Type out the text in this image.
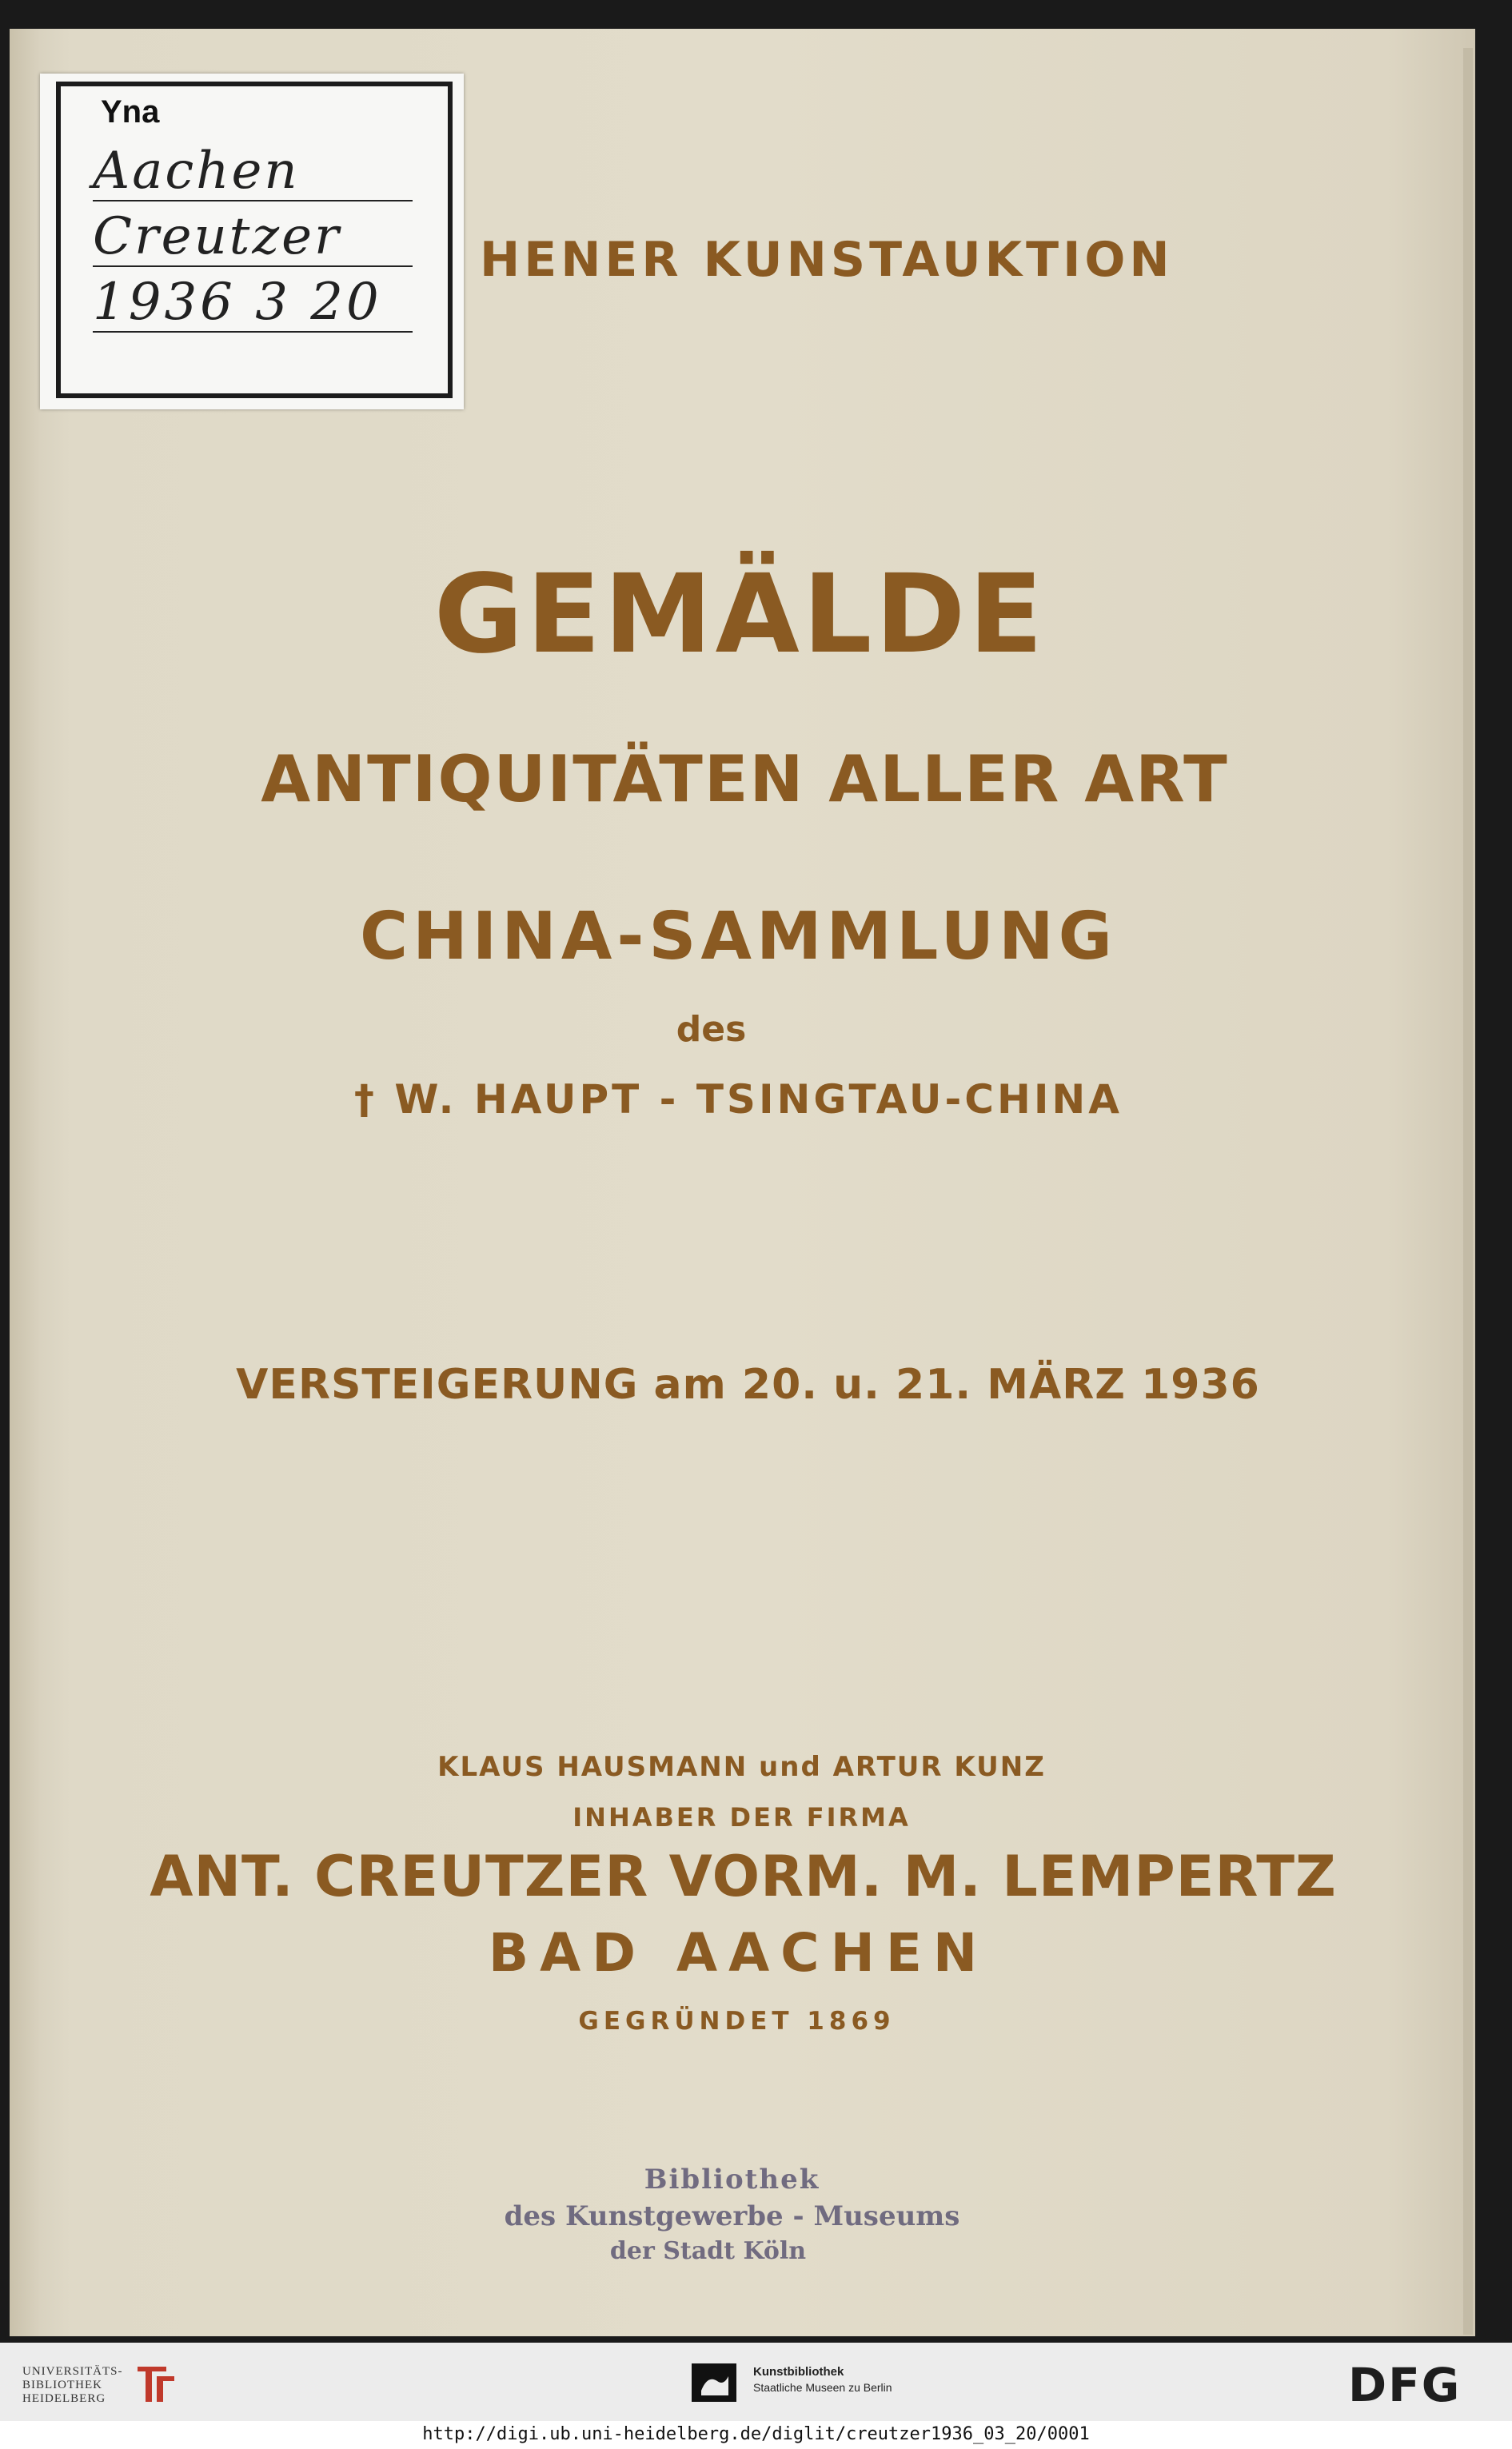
HENER KUNSTAUKTION
GEMÄLDE
ANTIQUITÄTEN ALLER ART
CHINA-SAMMLUNG
des
† W. HAUPT - TSINGTAU-CHINA
VERSTEIGERUNG am 20. u. 21. MÄRZ 1936
KLAUS HAUSMANN und ARTUR KUNZ
INHABER DER FIRMA
ANT. CREUTZER VORM. M. LEMPERTZ
BAD AACHEN
GEGRÜNDET 1869
Bibliothek
des Kunstgewerbe - Museums
der Stadt Köln
Yna
Aachen
Creutzer
1936 3 20
UNIVERSITÄTS-
BIBLIOTHEK
HEIDELBERG
Kunstbibliothek
Staatliche Museen zu Berlin	DFG
http://digi.ub.uni-heidelberg.de/diglit/creutzer1936_03_20/0001
